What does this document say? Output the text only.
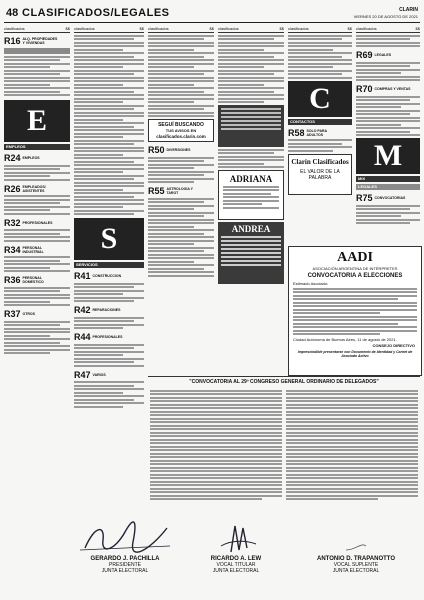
48 CLASIFICADOS/LEGALES	CLARIN
VIERNES 20 DE AGOSTO DE 2021
clasificados	$$
R16 ALQ. PROPIEDADES Y VIVIENDAS
E
EMPLEOS
R24 EMPLEOS
R26 EMPLEADOS/ ASISTENTES
R32 PROFESIONALES
R34 PERSONAL INDUSTRIAL
R36 PERSONAL DOMESTICO
R37 OTROS
clasificados	$$
S
SERVICIOS
R41 CONSTRUCCION
R42 REPARACIONES
R44 PROFESIONALES
R47 VARIOS
clasificados	$$
SEGUÍ BUSCANDO
TUS AVISOS EN
clasificados.clarin.com
R50 DIVERSIONES
R55 ASTROLOGIA Y TAROT
clasificados	$$
ADRIANA
ANDREA
clasificados	$$
C
CONTACTOS
R58 SOLO PARA ADULTOS
Clarín Clasificados
EL VALOR DE LA PALABRA
clasificados	$$
R69 LEGALES
R70 COMPRAS Y VENTAS
M
MIX
LEGALES
R75 CONVOCATORIAS
AADI
ASOCIACIÓN ARGENTINA DE INTÉRPRETES
CONVOCATORIA A ELECCIONES
Estimado Asociado:
Ciudad Autónoma de Buenos Aires, 11 de agosto de 2021.
CONSEJO DIRECTIVO
Imprescindible presentarse con Documento de Identidad y Carnet de Asociado Activo
"CONVOCATORIA AL 29º CONGRESO GENERAL ORDINARIO DE DELEGADOS"
GERARDO J. PACHILLA
PRESIDENTE
JUNTA ELECTORAL
RICARDO A. LEW
VOCAL TITULAR
JUNTA ELECTORAL
ANTONIO D. TRAPANOTTO
VOCAL SUPLENTE
JUNTA ELECTORAL
